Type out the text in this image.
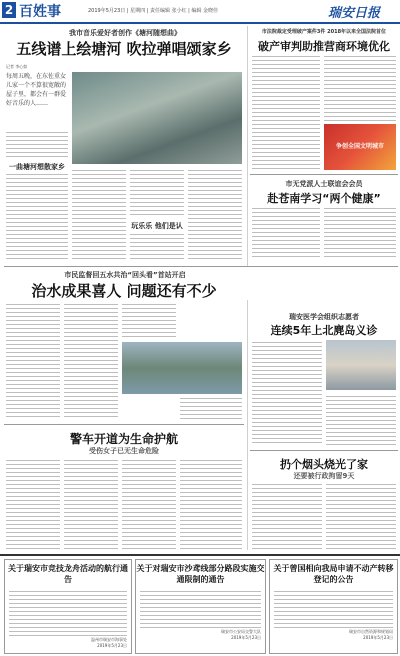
2 百姓事	2019年5月23日 | 星期四 | 责任编辑 张小红 | 编辑 金晓佳	瑞安日报
我市音乐爱好者创作《塘河随想曲》
五线谱上绘塘河 吹拉弹唱颂家乡
记者 李心如
每周五晚，在东佐重女儿家一个不算很宽敞的屋子里，都会有一群爱好音乐的人……
一曲塘河想散家乡
玩乐乐 他们是认
市法院裁定受理破产案件3件 2018年以来全国法院首位
破产审判助推营商环境优化
争创全国文明城市
市无党派人士联谊会会员
赴苍南学习“两个健康”
市民监督回五水共治“回头看”首站开启
治水成果喜人 问题还有不少
瑞安医学会组织志愿者
连续5年上北麂岛义诊
警车开道为生命护航
受伤女子已无生命危险
扔个烟头烧光了家
还要被行政拘留9天
关于瑞安市竞技龙舟活动的航行通告
温州市瑞安市海事处
2019年5月23日
关于对瑞安市沙鸢线部分路段实施交通限制的通告
瑞安市公安局交警大队
2019年5月23日
关于曾国相向我局申请不动产转移登记的公告
瑞安市自然资源和规划局
2019年5月23日
